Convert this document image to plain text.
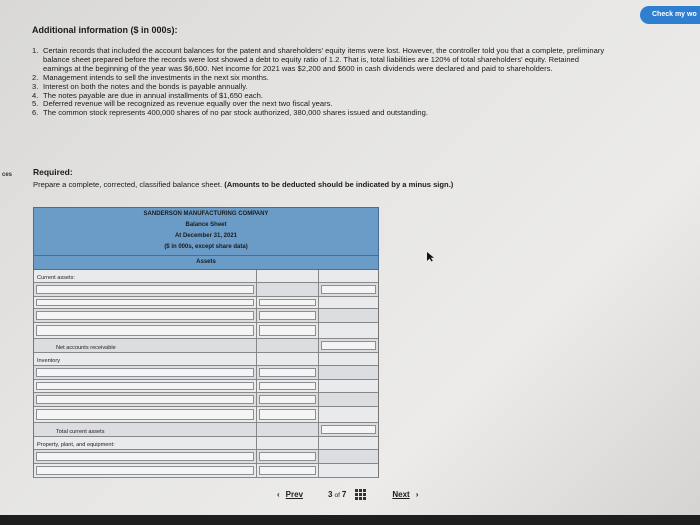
Check my wo
ces
Additional information ($ in 000s):
1. Certain records that included the account balances for the patent and shareholders' equity items were lost. However, the controller told you that a complete, preliminary balance sheet prepared before the records were lost showed a debt to equity ratio of 1.2. That is, total liabilities are 120% of total shareholders' equity. Retained earnings at the beginning of the year was $6,600. Net income for 2021 was $2,200 and $600 in cash dividends were declared and paid to shareholders.
2. Management intends to sell the investments in the next six months.
3. Interest on both the notes and the bonds is payable annually.
4. The notes payable are due in annual installments of $1,650 each.
5. Deferred revenue will be recognized as revenue equally over the next two fiscal years.
6. The common stock represents 400,000 shares of no par stock authorized, 380,000 shares issued and outstanding.
Required:
Prepare a complete, corrected, classified balance sheet. (Amounts to be deducted should be indicated by a minus sign.)
SANDERSON MANUFACTURING COMPANY
Balance Sheet
At December 31, 2021
($ in 000s, except share data)
Assets
Current assets:
Net accounts receivable
Inventory
Total current assets
Property, plant, and equipment:
‹ Prev	3 of 7	Next ›
